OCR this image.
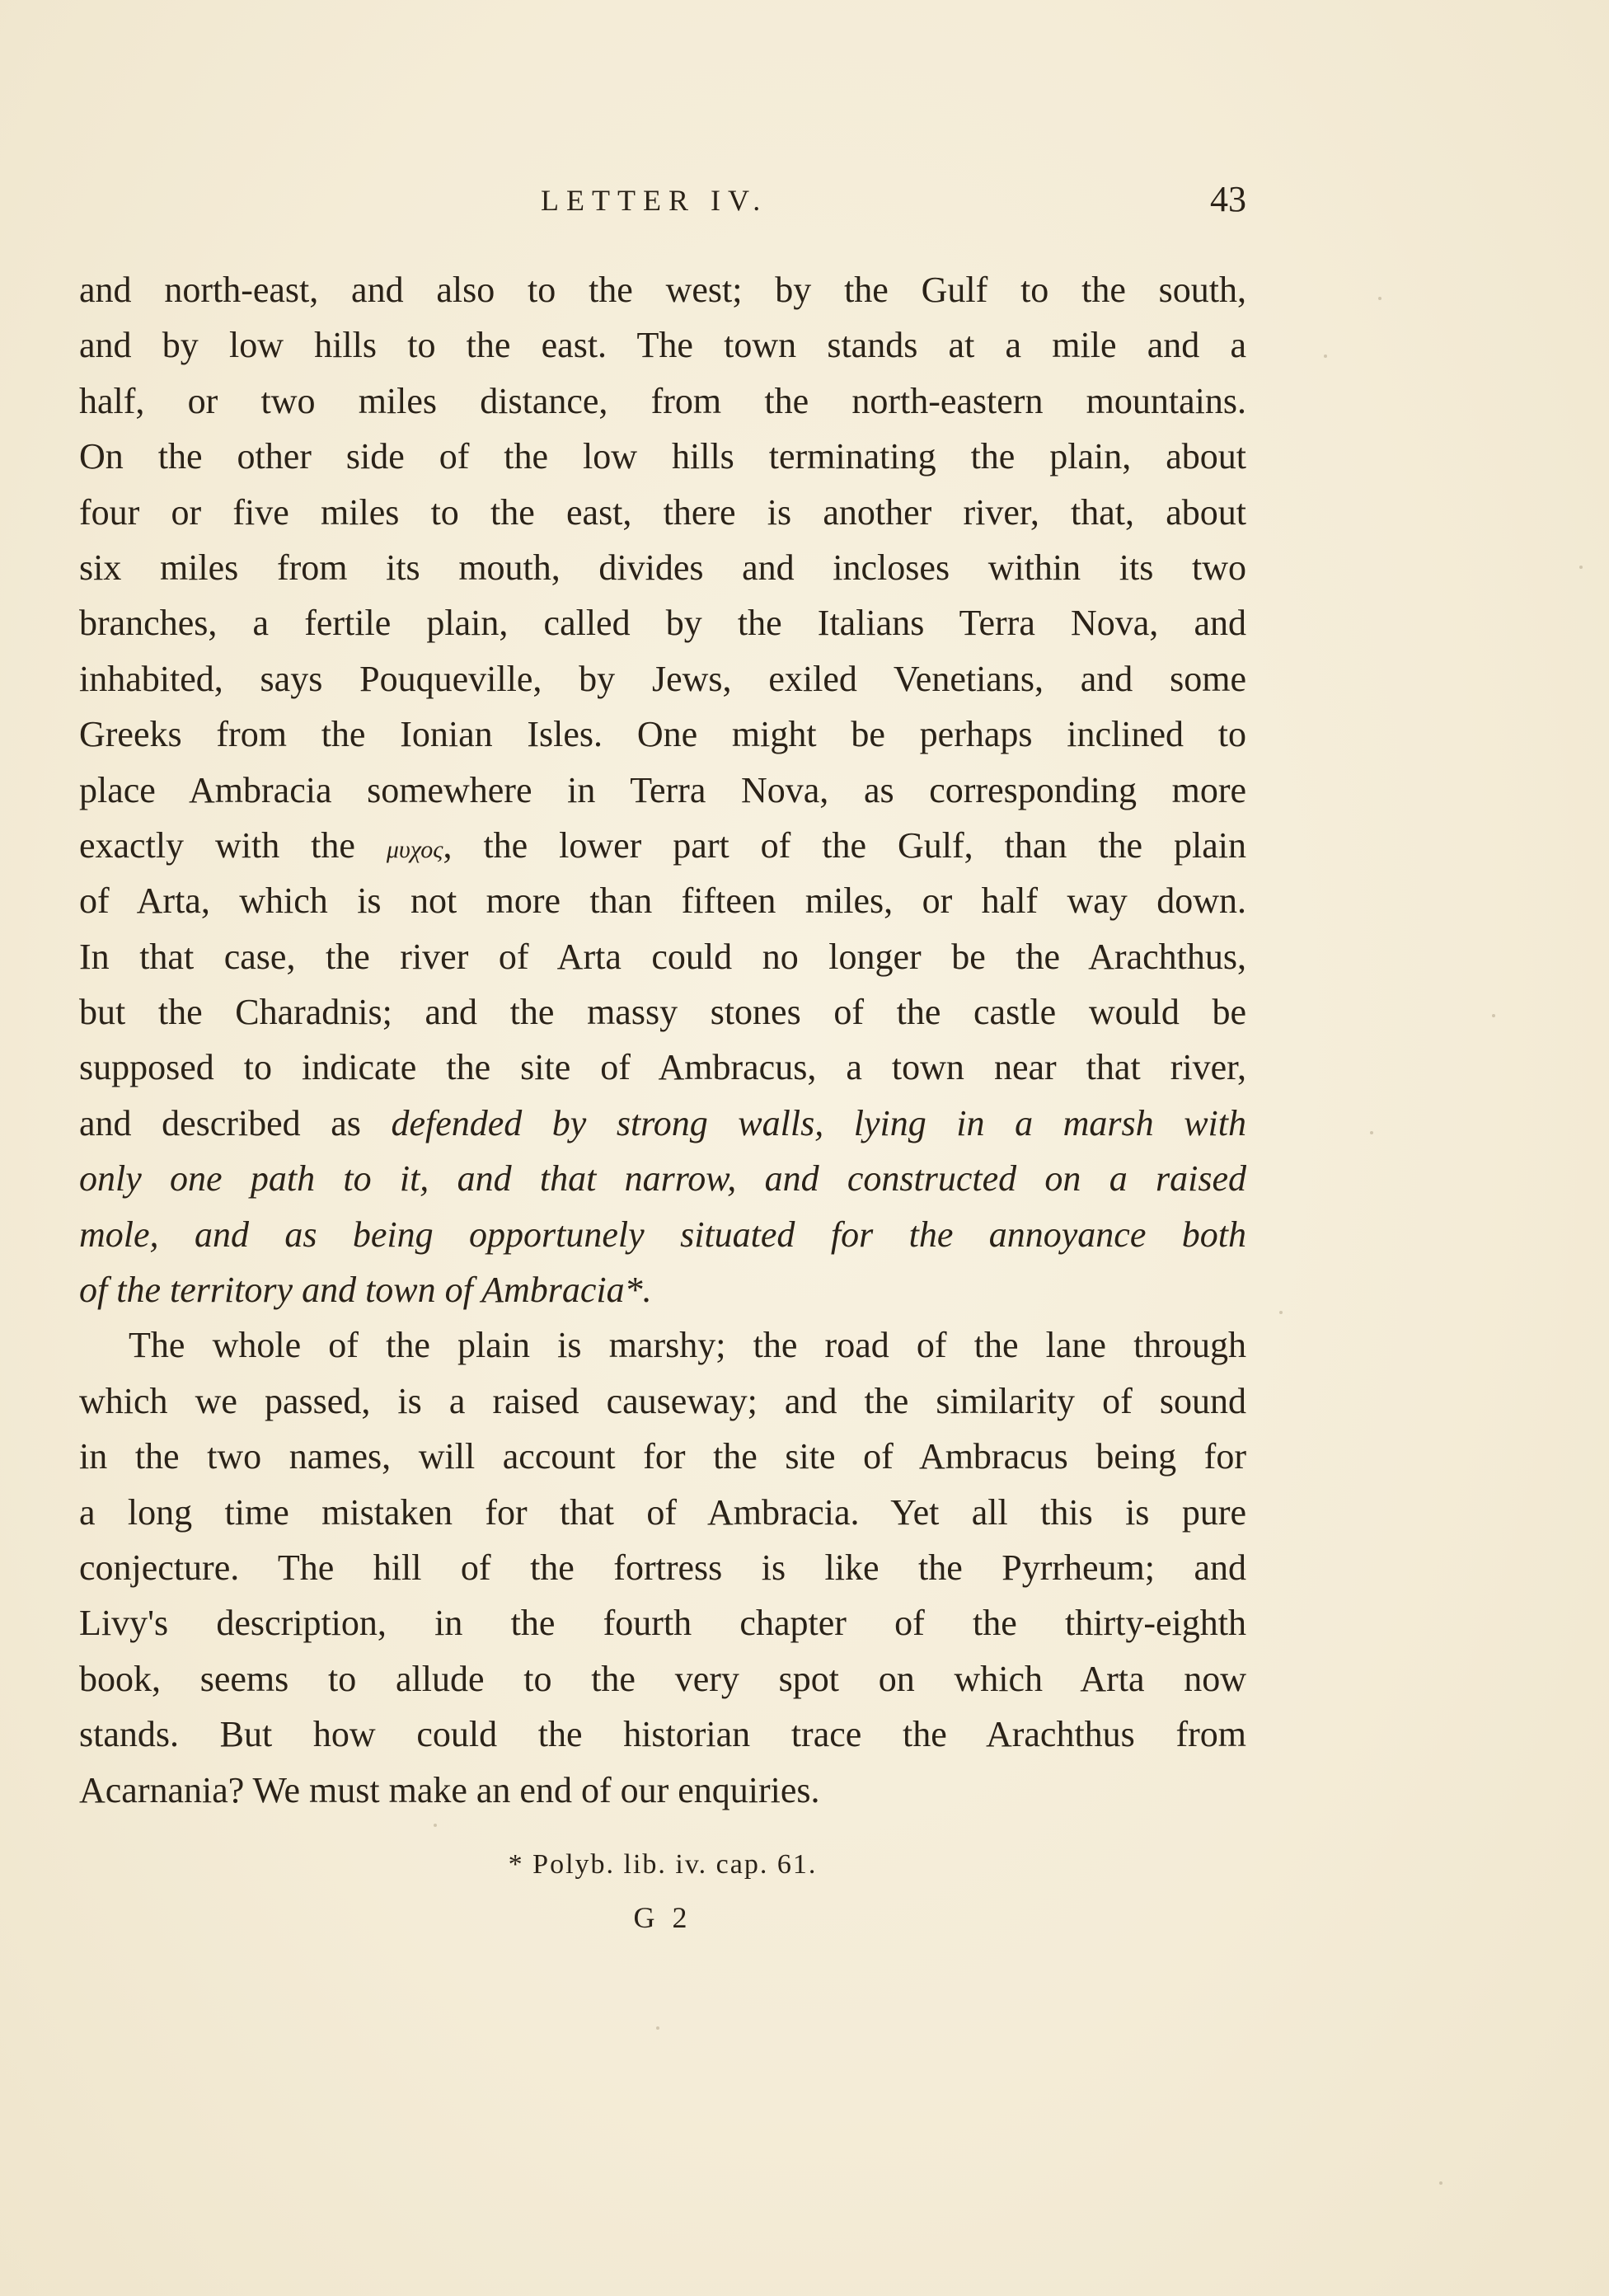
LETTER IV.	43
and north-east, and also to the west; by the Gulf to the south,
and by low hills to the east. The town stands at a mile and a
half, or two miles distance, from the north-eastern mountains.
On the other side of the low hills terminating the plain, about
four or five miles to the east, there is another river, that, about
six miles from its mouth, divides and incloses within its two
branches, a fertile plain, called by the Italians Terra Nova, and
inhabited, says Pouqueville, by Jews, exiled Venetians, and some
Greeks from the Ionian Isles. One might be perhaps inclined to
place Ambracia somewhere in Terra Nova, as corresponding more
exactly with the μυχος, the lower part of the Gulf, than the plain
of Arta, which is not more than fifteen miles, or half way down.
In that case, the river of Arta could no longer be the Arachthus,
but the Charadnis; and the massy stones of the castle would be
supposed to indicate the site of Ambracus, a town near that river,
and described as defended by strong walls, lying in a marsh with
only one path to it, and that narrow, and constructed on a raised
mole, and as being opportunely situated for the annoyance both
of the territory and town of Ambracia*.
The whole of the plain is marshy; the road of the lane through
which we passed, is a raised causeway; and the similarity of sound
in the two names, will account for the site of Ambracus being for
a long time mistaken for that of Ambracia. Yet all this is pure
conjecture. The hill of the fortress is like the Pyrrheum; and
Livy's description, in the fourth chapter of the thirty-eighth
book, seems to allude to the very spot on which Arta now
stands. But how could the historian trace the Arachthus from
Acarnania? We must make an end of our enquiries.
* Polyb. lib. iv. cap. 61.
G 2
